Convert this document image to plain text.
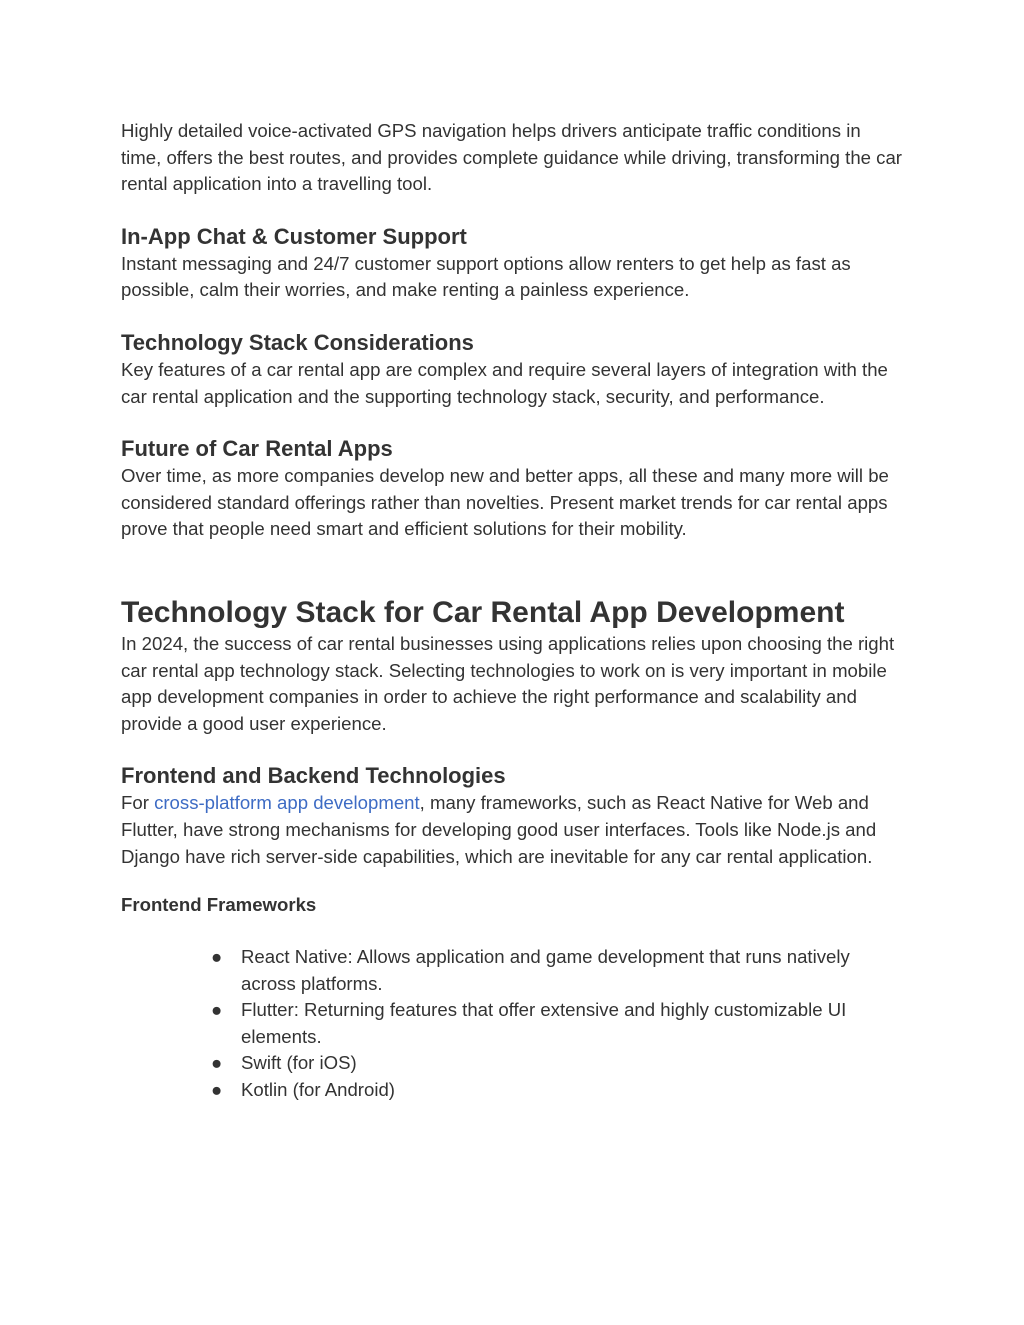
Highly detailed voice-activated GPS navigation helps drivers anticipate traffic conditions in time, offers the best routes, and provides complete guidance while driving, transforming the car rental application into a travelling tool.

In-App Chat & Customer Support

Instant messaging and 24/7 customer support options allow renters to get help as fast as possible, calm their worries, and make renting a painless experience.

Technology Stack Considerations

Key features of a car rental app are complex and require several layers of integration with the car rental application and the supporting technology stack, security, and performance.

Future of Car Rental Apps

Over time, as more companies develop new and better apps, all these and many more will be considered standard offerings rather than novelties. Present market trends for car rental apps prove that people need smart and efficient solutions for their mobility.

Technology Stack for Car Rental App Development

In 2024, the success of car rental businesses using applications relies upon choosing the right car rental app technology stack. Selecting technologies to work on is very important in mobile app development companies in order to achieve the right performance and scalability and provide a good user experience.

Frontend and Backend Technologies

For cross-platform app development, many frameworks, such as React Native for Web and Flutter, have strong mechanisms for developing good user interfaces. Tools like Node.js and Django have rich server-side capabilities, which are inevitable for any car rental application.

Frontend Frameworks
● React Native: Allows application and game development that runs natively across platforms.
● Flutter: Returning features that offer extensive and highly customizable UI elements.
● Swift (for iOS)
● Kotlin (for Android)
